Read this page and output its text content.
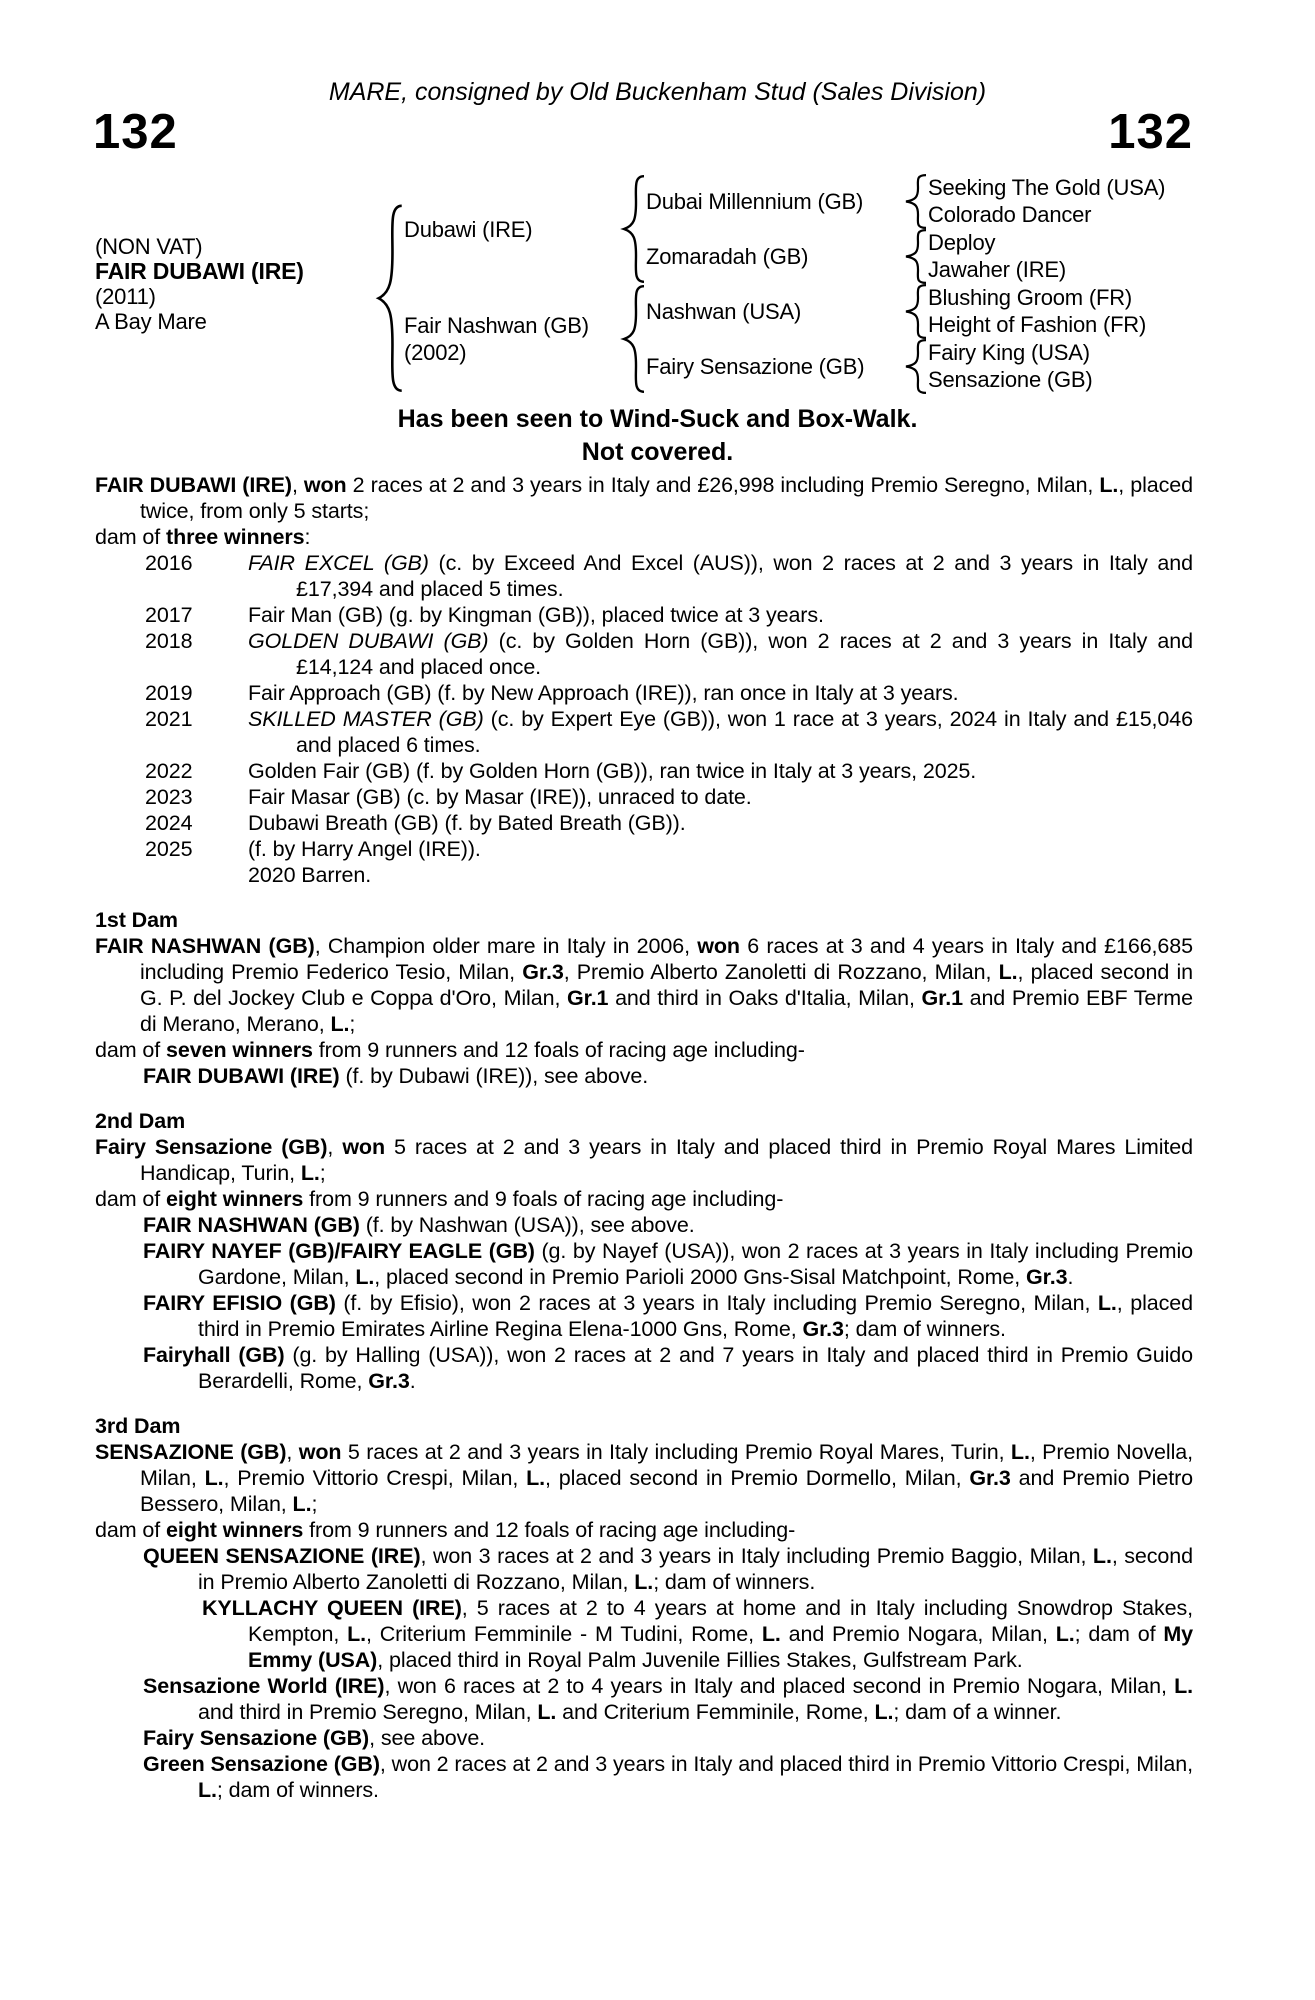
MARE, consigned by Old Buckenham Stud (Sales Division)
132	132
(NON VAT)
FAIR DUBAWI (IRE)
(2011)
A Bay Mare
Dubawi (IRE)
Fair Nashwan (GB)
(2002)
Dubai Millennium (GB)
Zomaradah (GB)
Nashwan (USA)
Fairy Sensazione (GB)
Seeking The Gold (USA)
Colorado Dancer
Deploy
Jawaher (IRE)
Blushing Groom (FR)
Height of Fashion (FR)
Fairy King (USA)
Sensazione (GB)
Has been seen to Wind-Suck and Box-Walk.
Not covered.
FAIR DUBAWI (IRE), won 2 races at 2 and 3 years in Italy and £26,998 including Premio Seregno, Milan, L., placed twice, from only 5 starts;
dam of three winners:
2016	FAIR EXCEL (GB) (c. by Exceed And Excel (AUS)), won 2 races at 2 and 3 years in Italy and £17,394 and placed 5 times.
2017	Fair Man (GB) (g. by Kingman (GB)), placed twice at 3 years.
2018	GOLDEN DUBAWI (GB) (c. by Golden Horn (GB)), won 2 races at 2 and 3 years in Italy and £14,124 and placed once.
2019	Fair Approach (GB) (f. by New Approach (IRE)), ran once in Italy at 3 years.
2021	SKILLED MASTER (GB) (c. by Expert Eye (GB)), won 1 race at 3 years, 2024 in Italy and £15,046 and placed 6 times.
2022	Golden Fair (GB) (f. by Golden Horn (GB)), ran twice in Italy at 3 years, 2025.
2023	Fair Masar (GB) (c. by Masar (IRE)), unraced to date.
2024	Dubawi Breath (GB) (f. by Bated Breath (GB)).
2025	(f. by Harry Angel (IRE)).
2020 Barren.
1st Dam
FAIR NASHWAN (GB), Champion older mare in Italy in 2006, won 6 races at 3 and 4 years in Italy and £166,685 including Premio Federico Tesio, Milan, Gr.3, Premio Alberto Zanoletti di Rozzano, Milan, L., placed second in G. P. del Jockey Club e Coppa d'Oro, Milan, Gr.1 and third in Oaks d'Italia, Milan, Gr.1 and Premio EBF Terme di Merano, Merano, L.;
dam of seven winners from 9 runners and 12 foals of racing age including-
FAIR DUBAWI (IRE) (f. by Dubawi (IRE)), see above.
2nd Dam
Fairy Sensazione (GB), won 5 races at 2 and 3 years in Italy and placed third in Premio Royal Mares Limited Handicap, Turin, L.;
dam of eight winners from 9 runners and 9 foals of racing age including-
FAIR NASHWAN (GB) (f. by Nashwan (USA)), see above.
FAIRY NAYEF (GB)/FAIRY EAGLE (GB) (g. by Nayef (USA)), won 2 races at 3 years in Italy including Premio Gardone, Milan, L., placed second in Premio Parioli 2000 Gns-Sisal Matchpoint, Rome, Gr.3.
FAIRY EFISIO (GB) (f. by Efisio), won 2 races at 3 years in Italy including Premio Seregno, Milan, L., placed third in Premio Emirates Airline Regina Elena-1000 Gns, Rome, Gr.3; dam of winners.
Fairyhall (GB) (g. by Halling (USA)), won 2 races at 2 and 7 years in Italy and placed third in Premio Guido Berardelli, Rome, Gr.3.
3rd Dam
SENSAZIONE (GB), won 5 races at 2 and 3 years in Italy including Premio Royal Mares, Turin, L., Premio Novella, Milan, L., Premio Vittorio Crespi, Milan, L., placed second in Premio Dormello, Milan, Gr.3 and Premio Pietro Bessero, Milan, L.;
dam of eight winners from 9 runners and 12 foals of racing age including-
QUEEN SENSAZIONE (IRE), won 3 races at 2 and 3 years in Italy including Premio Baggio, Milan, L., second in Premio Alberto Zanoletti di Rozzano, Milan, L.; dam of winners.
KYLLACHY QUEEN (IRE), 5 races at 2 to 4 years at home and in Italy including Snowdrop Stakes, Kempton, L., Criterium Femminile - M Tudini, Rome, L. and Premio Nogara, Milan, L.; dam of My Emmy (USA), placed third in Royal Palm Juvenile Fillies Stakes, Gulfstream Park.
Sensazione World (IRE), won 6 races at 2 to 4 years in Italy and placed second in Premio Nogara, Milan, L. and third in Premio Seregno, Milan, L. and Criterium Femminile, Rome, L.; dam of a winner.
Fairy Sensazione (GB), see above.
Green Sensazione (GB), won 2 races at 2 and 3 years in Italy and placed third in Premio Vittorio Crespi, Milan, L.; dam of winners.
